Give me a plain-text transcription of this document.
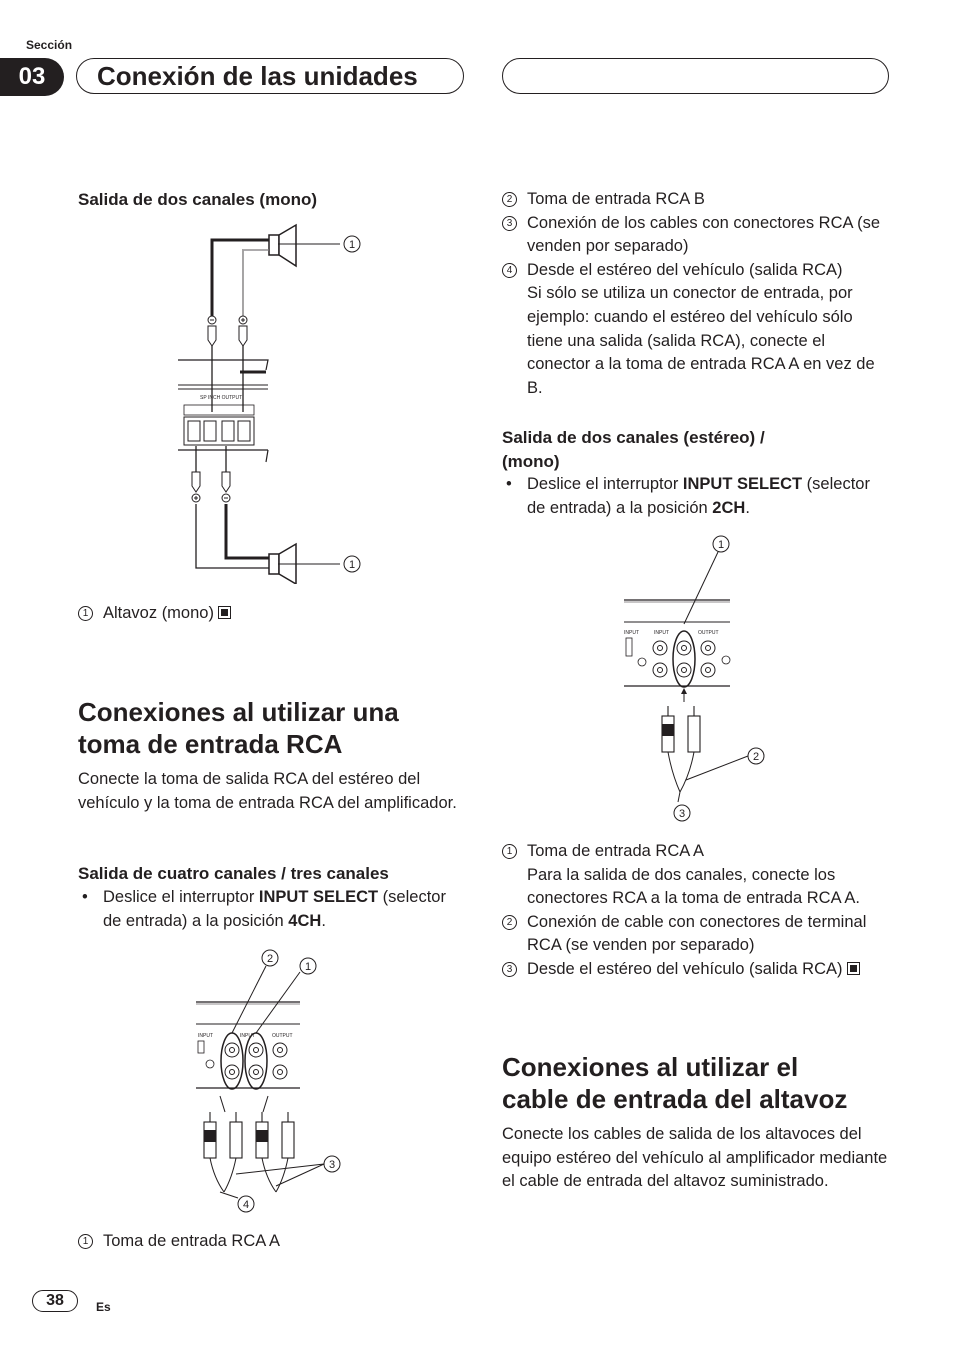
Sección
03	Conexión de las unidades
Salida de dos canales (mono)
SP INCH OUTPUT
1
1
1 Altavoz (mono)
Conexiones al utilizar una
toma de entrada RCA
Conecte la toma de salida RCA del estéreo del vehículo y la toma de entrada RCA del amplificador.
Salida de cuatro canales / tres canales
• Deslice el interruptor INPUT SELECT (selector de entrada) a la posición 4CH.
INPUT	INPUT	OUTPUT
2
1
3
4
1 Toma de entrada RCA A
2 Toma de entrada RCA B
3 Conexión de los cables con conectores RCA (se venden por separado)
4 Desde el estéreo del vehículo (salida RCA)
Si sólo se utiliza un conector de entrada, por ejemplo: cuando el estéreo del vehículo sólo tiene una salida (salida RCA), conecte el conector a la toma de entrada RCA A en vez de B.
Salida de dos canales (estéreo) /
(mono)
• Deslice el interruptor INPUT SELECT (selector de entrada) a la posición 2CH.
1
INPUT	INPUT	OUTPUT
2
3
1 Toma de entrada RCA A
Para la salida de dos canales, conecte los conectores RCA a la toma de entrada RCA A.
2 Conexión de cable con conectores de terminal RCA (se venden por separado)
3 Desde el estéreo del vehículo (salida RCA)
Conexiones al utilizar el
cable de entrada del altavoz
Conecte los cables de salida de los altavoces del equipo estéreo del vehículo al amplificador mediante el cable de entrada del altavoz suministrado.
38	Es
